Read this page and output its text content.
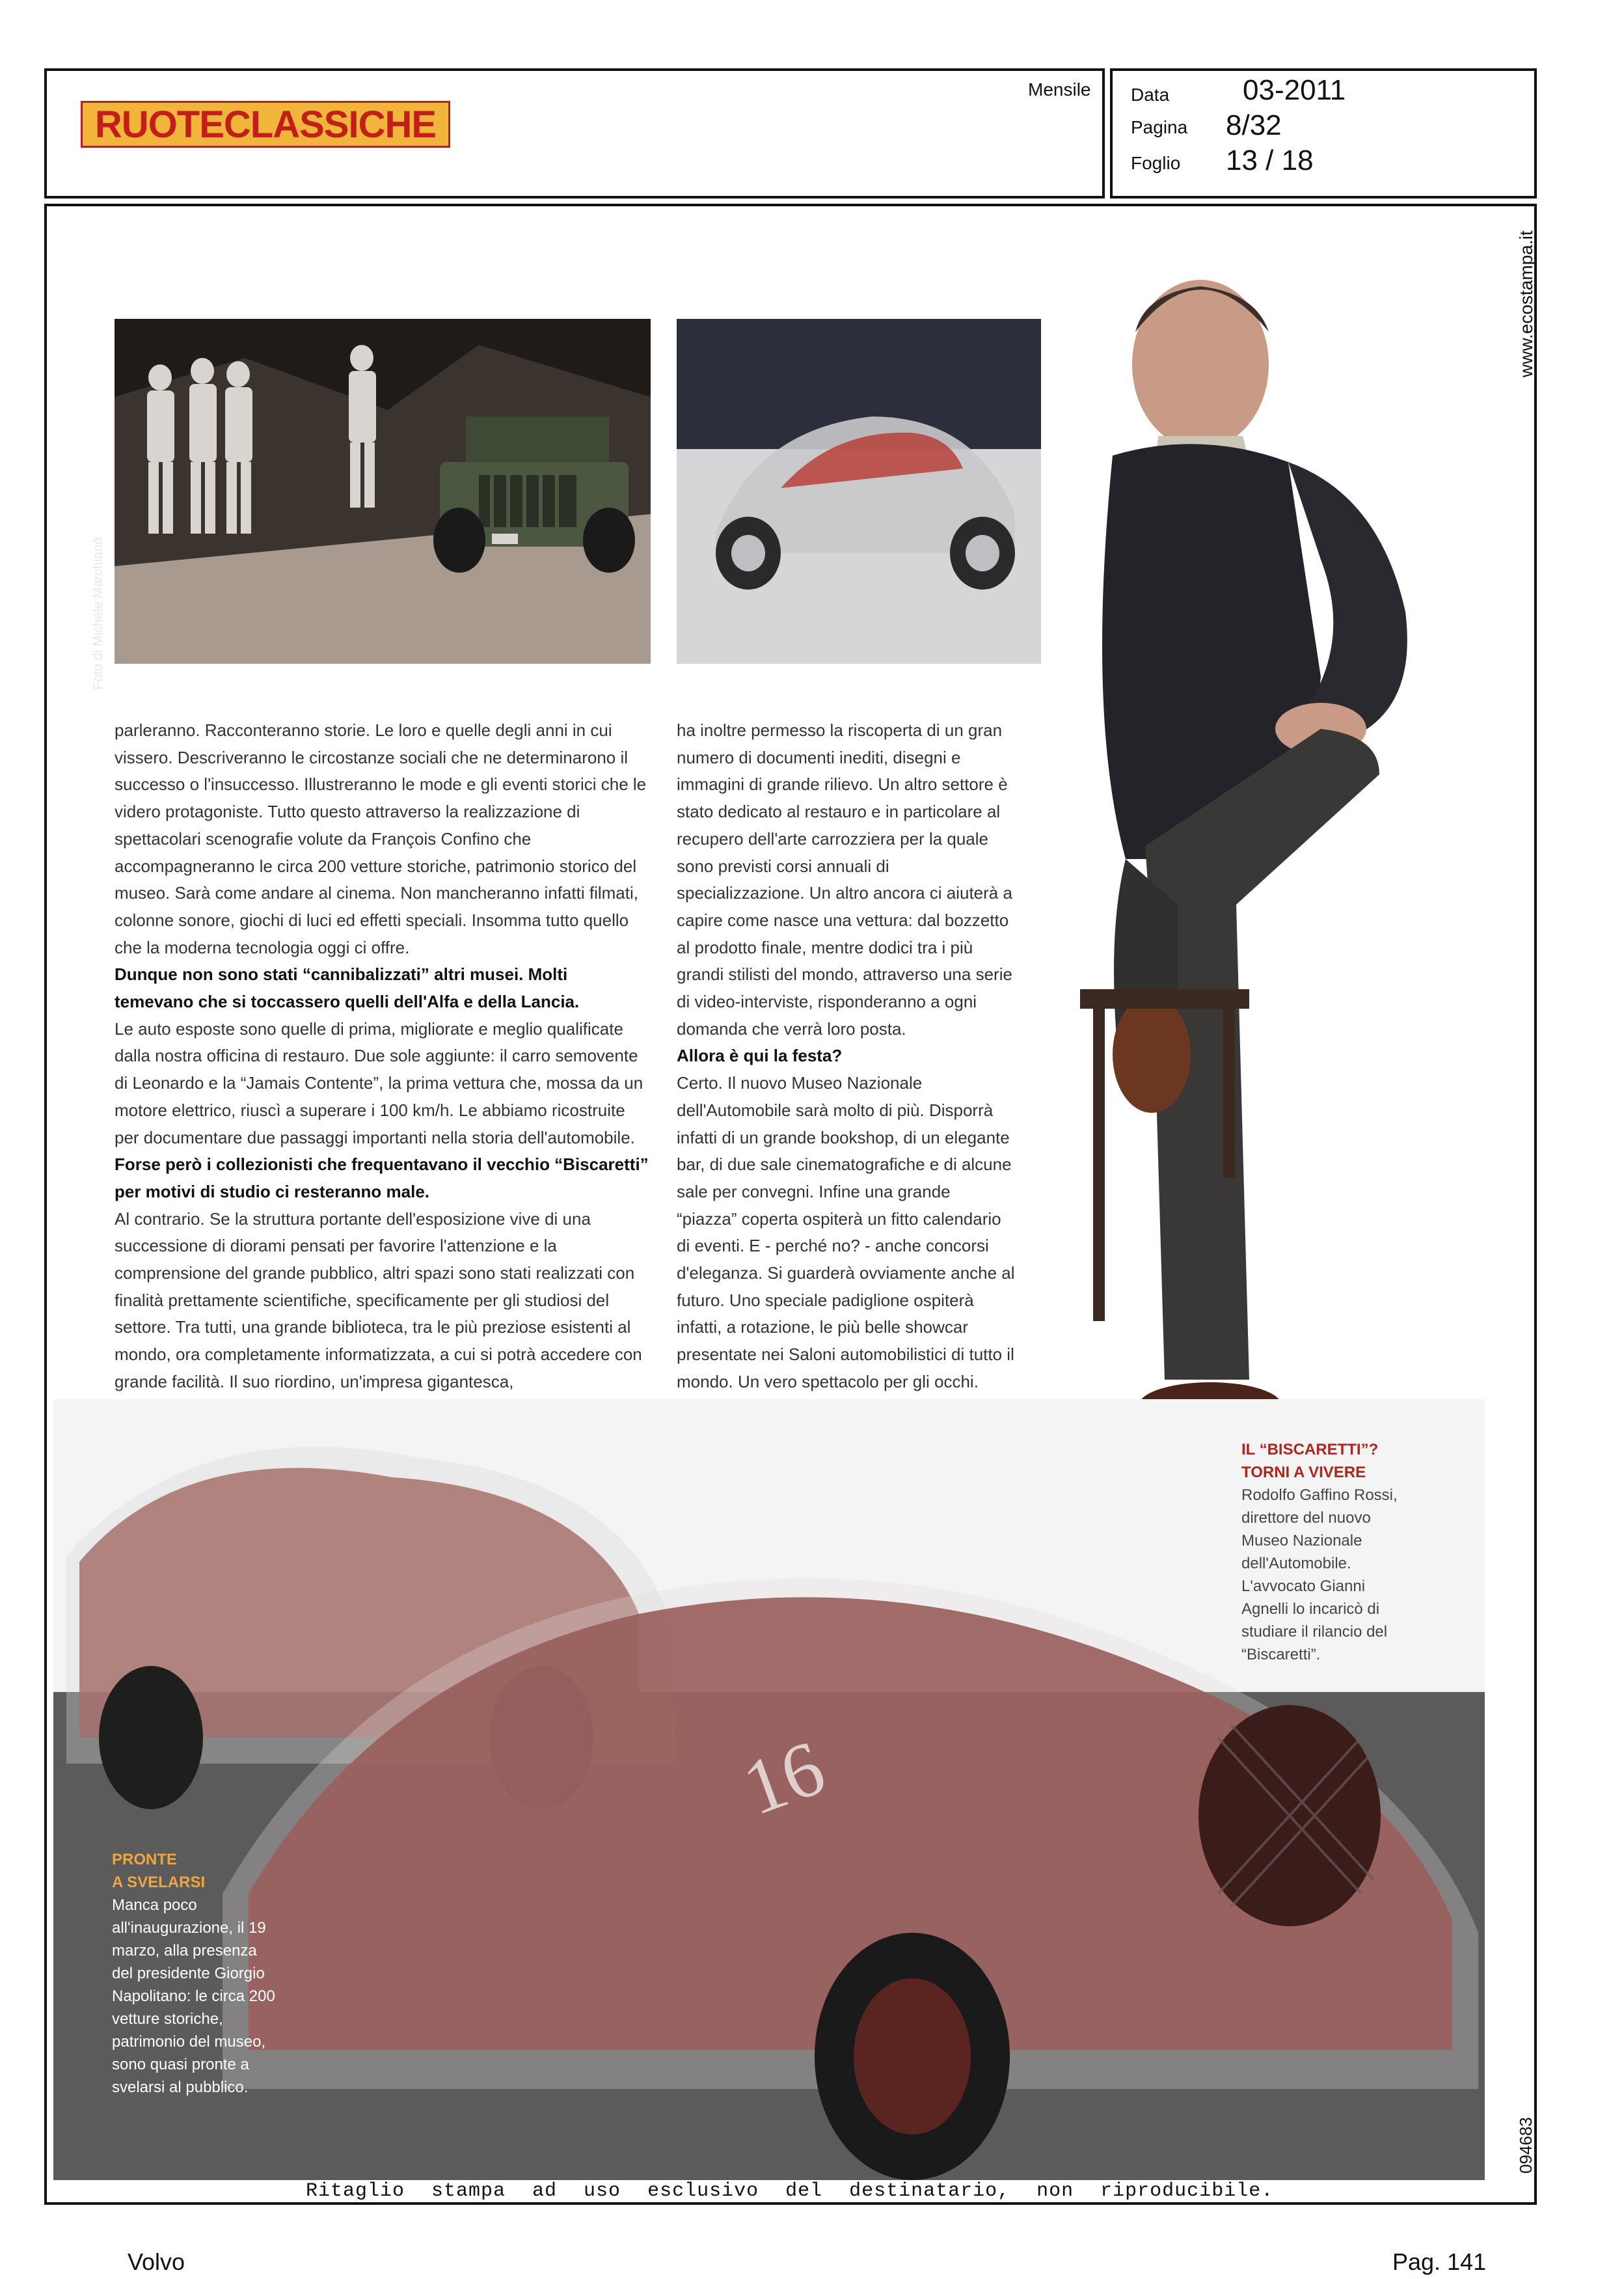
RUOTECLASSICHE
Mensile Data	03-2011
Pagina 8/32
Foglio 13 / 18
www.ecostampa.it
094683
Foto di Michele Marchianò

parleranno. Racconteranno storie. Le loro e quelle degli anni in cui vissero. Descriveranno le circostanze sociali che ne determinarono il successo o l'insuccesso. Illustreranno le mode e gli eventi storici che le videro protagoniste. Tutto questo attraverso la realizzazione di spettacolari scenografie volute da François Confino che accompagneranno le circa 200 vetture storiche, patrimonio storico del museo. Sarà come andare al cinema. Non mancheranno infatti filmati, colonne sonore, giochi di luci ed effetti speciali. Insomma tutto quello che la moderna tecnologia oggi ci offre.

Dunque non sono stati “cannibalizzati” altri musei. Molti temevano che si toccassero quelli dell'Alfa e della Lancia.

Le auto esposte sono quelle di prima, migliorate e meglio qualificate dalla nostra officina di restauro. Due sole aggiunte: il carro semovente di Leonardo e la “Jamais Contente”, la prima vettura che, mossa da un motore elettrico, riuscì a superare i 100 km/h. Le abbiamo ricostruite per documentare due passaggi importanti nella storia dell'automobile.

Forse però i collezionisti che frequentavano il vecchio “Biscaretti” per motivi di studio ci resteranno male.

Al contrario. Se la struttura portante dell'esposizione vive di una successione di diorami pensati per favorire l'attenzione e la comprensione del grande pubblico, altri spazi sono stati realizzati con finalità prettamente scientifiche, specificamente per gli studiosi del settore. Tra tutti, una grande biblioteca, tra le più preziose esistenti al mondo, ora completamente informatizzata, a cui si potrà accedere con grande facilità. Il suo riordino, un'impresa gigantesca,

ha inoltre permesso la riscoperta di un gran numero di documenti inediti, disegni e immagini di grande rilievo. Un altro settore è stato dedicato al restauro e in particolare al recupero dell'arte carrozziera per la quale sono previsti corsi annuali di specializzazione. Un altro ancora ci aiuterà a capire come nasce una vettura: dal bozzetto al prodotto finale, mentre dodici tra i più grandi stilisti del mondo, attraverso una serie di video-interviste, risponderanno a ogni domanda che verrà loro posta.

Allora è qui la festa?

Certo. Il nuovo Museo Nazionale dell'Automobile sarà molto di più. Disporrà infatti di un grande bookshop, di un elegante bar, di due sale cinematografiche e di alcune sale per convegni. Infine una grande “piazza” coperta ospiterà un fitto calendario di eventi. E - perché no? - anche concorsi d'eleganza. Si guarderà ovviamente anche al futuro. Uno speciale padiglione ospiterà infatti, a rotazione, le più belle showcar presentate nei Saloni automobilistici di tutto il mondo. Un vero spettacolo per gli occhi.

16
IL “BISCARETTI”?
TORNI A VIVERE
Rodolfo Gaffino Rossi, direttore del nuovo Museo Nazionale dell'Automobile. L'avvocato Gianni Agnelli lo incaricò di studiare il rilancio del “Biscaretti”.
PRONTE
A SVELARSI
Manca poco all'inaugurazione, il 19 marzo, alla presenza del presidente Giorgio Napolitano: le circa 200 vetture storiche, patrimonio del museo, sono quasi pronte a svelarsi al pubblico.
Ritaglio stampa ad uso esclusivo del destinatario, non riproducibile.
Volvo	Pag. 141
